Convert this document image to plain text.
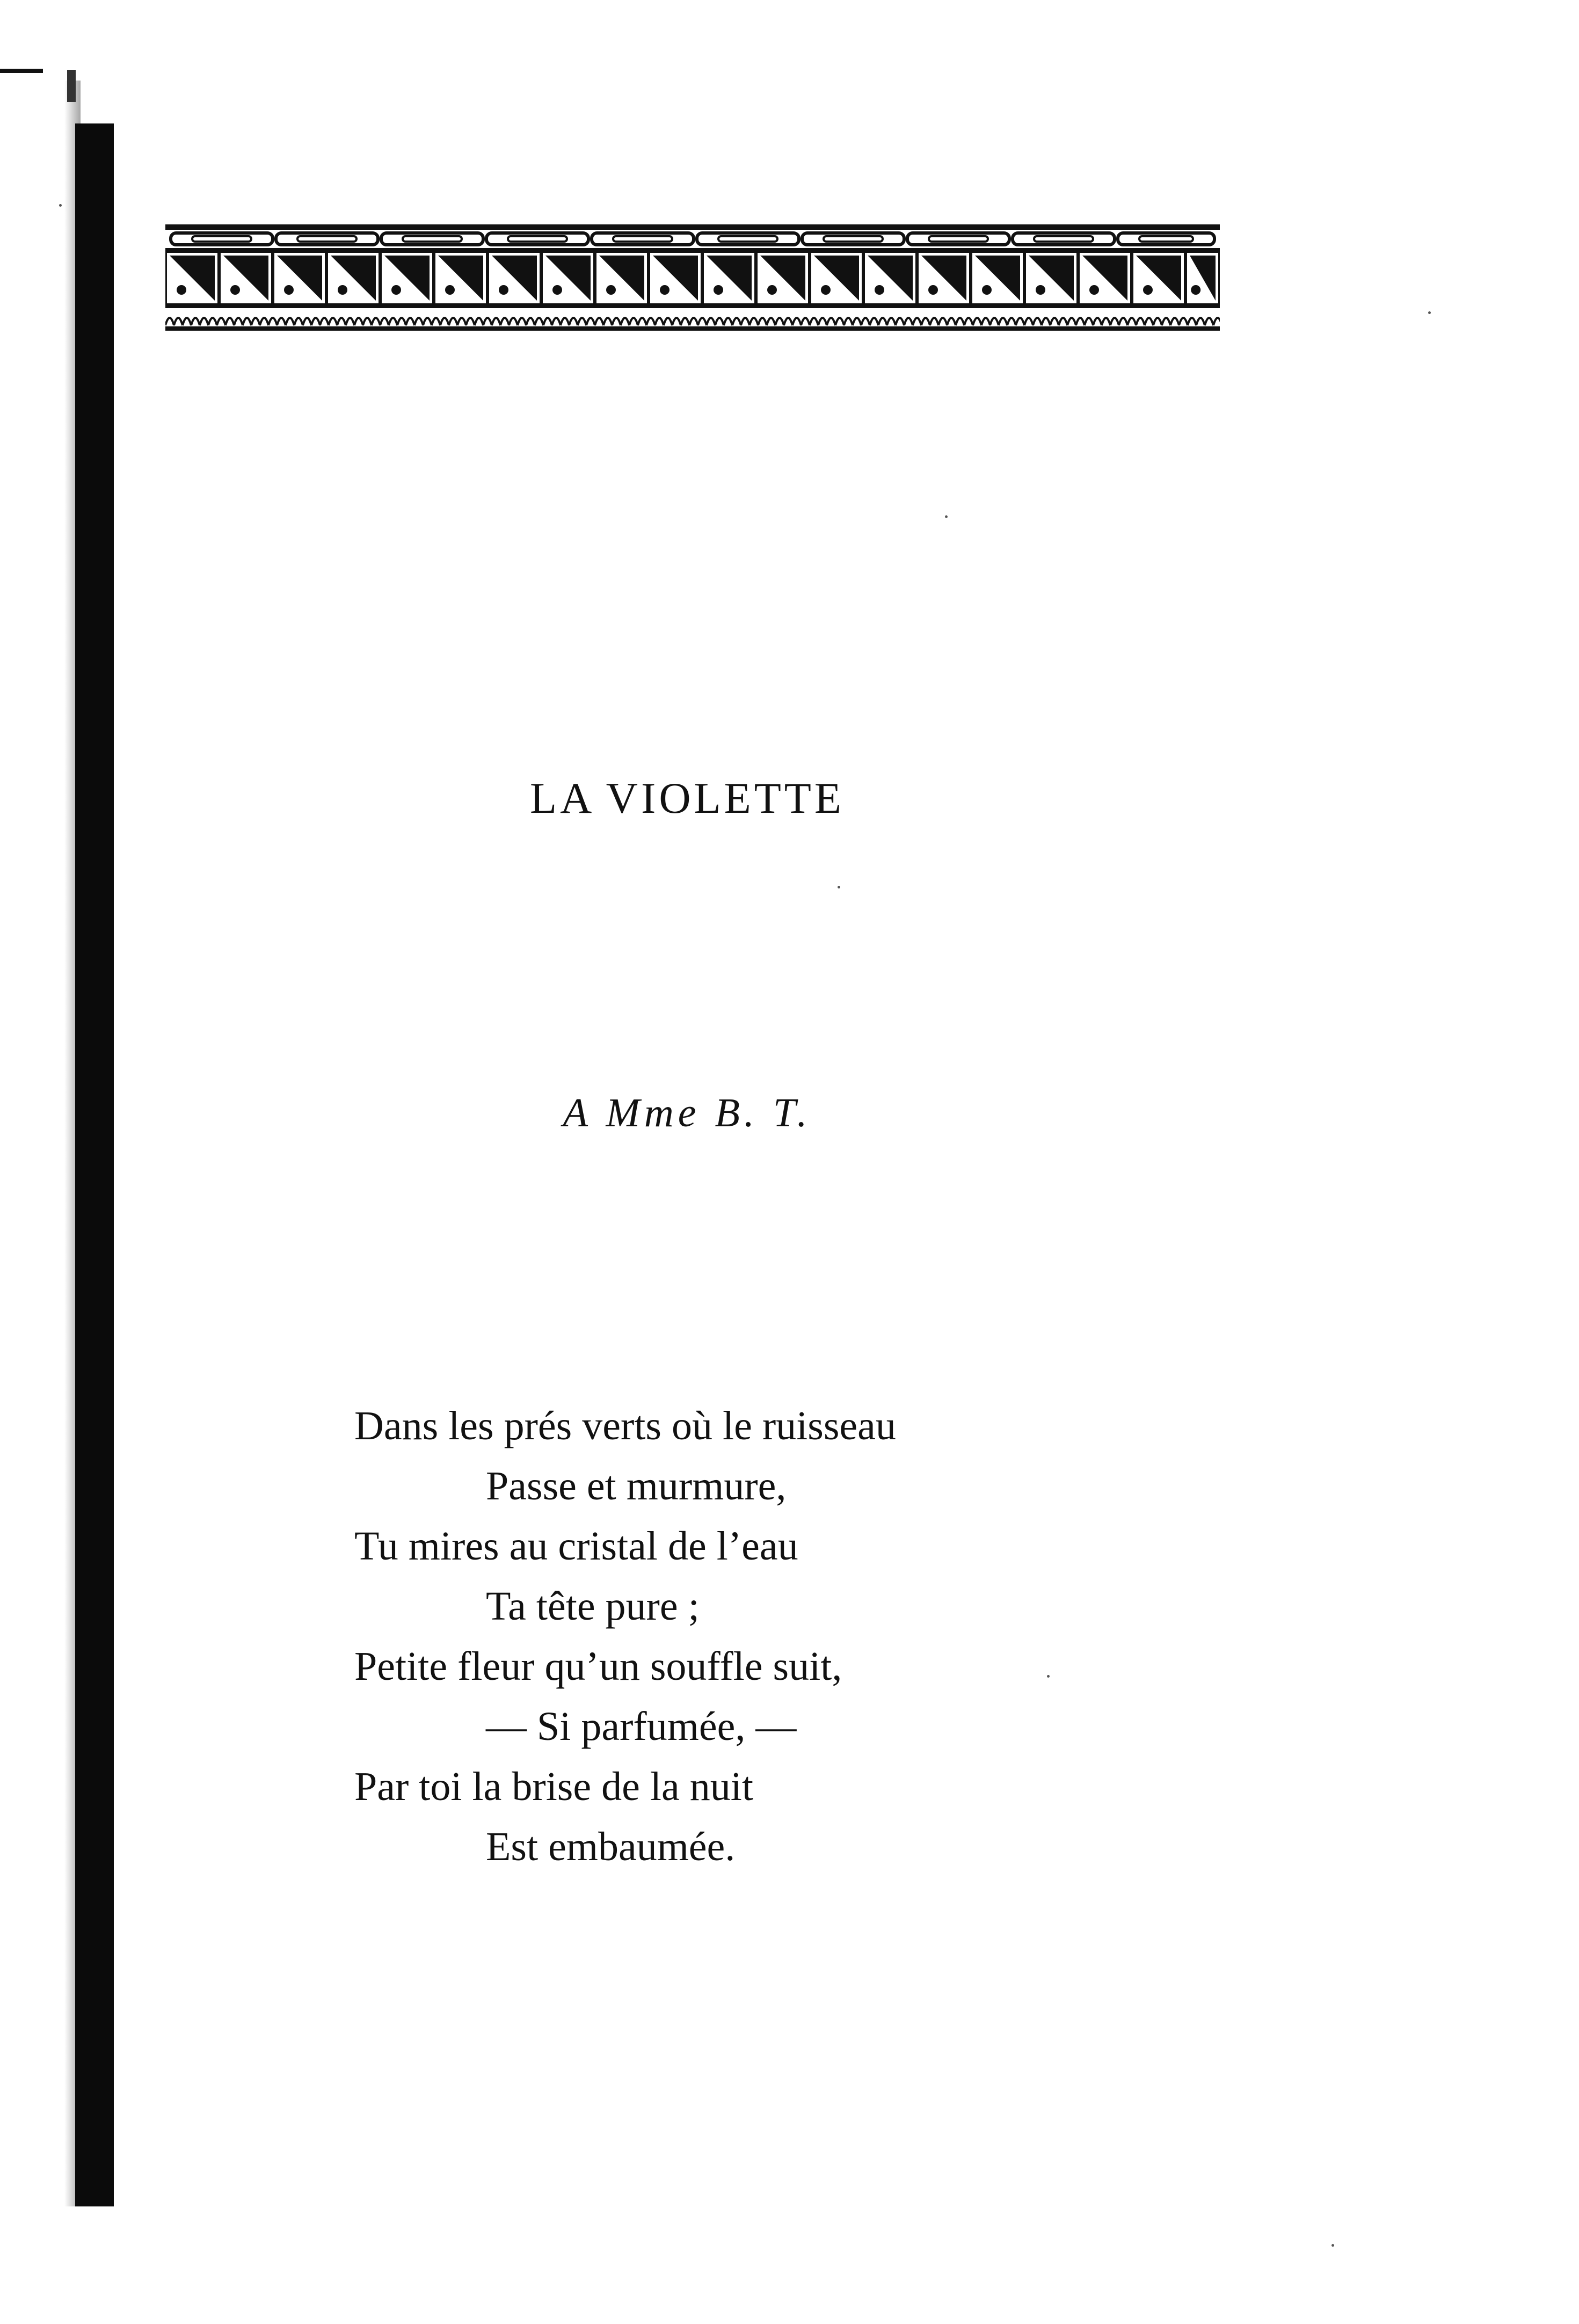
LA VIOLETTE
A Mme B. T.
Dans les prés verts où le ruisseau
Passe et murmure,
Tu mires au cristal de l’eau
Ta tête pure ;
Petite fleur qu’un souffle suit,
— Si parfumée, —
Par toi la brise de la nuit
Est embaumée.
